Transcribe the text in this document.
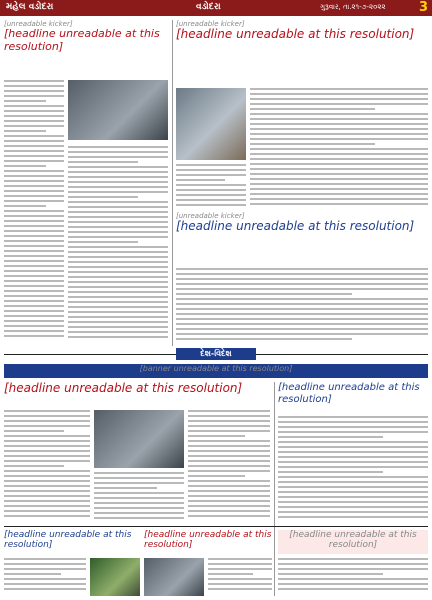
મહેલ વડોદરા	વડોદરા	ગુરૂવાર, તા.૨૧-૭-૨૦૨૨	3
[unreadable kicker]
[headline unreadable at this resolution]
[unreadable kicker]
[headline unreadable at this resolution]
[unreadable kicker]
[headline unreadable at this resolution]
દેશ-વિદેશ
[banner unreadable at this resolution]
[headline unreadable at this resolution]	[headline unreadable at this resolution]
[headline unreadable at this resolution]
[headline unreadable at this resolution]
[headline unreadable at this resolution]
